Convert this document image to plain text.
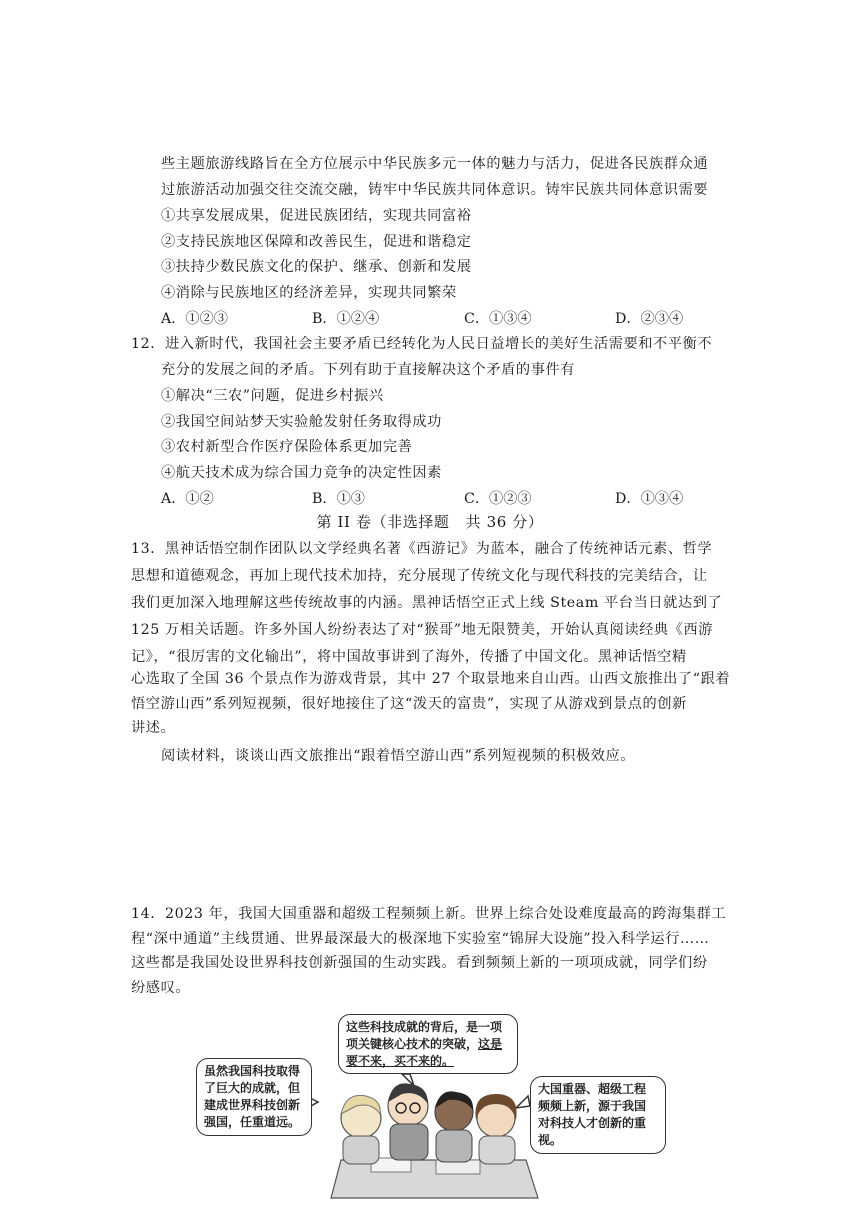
些主题旅游线路旨在全方位展示中华民族多元一体的魅力与活力，促进各民族群众通
过旅游活动加强交往交流交融，铸牢中华民族共同体意识。铸牢民族共同体意识需要
①共享发展成果，促进民族团结，实现共同富裕
②支持民族地区保障和改善民生，促进和谐稳定
③扶持少数民族文化的保护、继承、创新和发展
④消除与民族地区的经济差异，实现共同繁荣
A．①②③	B．①②④	C．①③④	D．②③④
12．进入新时代，我国社会主要矛盾已经转化为人民日益增长的美好生活需要和不平衡不
充分的发展之间的矛盾。下列有助于直接解决这个矛盾的事件有
①解决“三农”问题，促进乡村振兴
②我国空间站梦天实验舱发射任务取得成功
③农村新型合作医疗保险体系更加完善
④航天技术成为综合国力竞争的决定性因素
A．①②	B．①③	C．①②③	D．①③④
第 II 卷（非选择题   共 36 分）
13．黑神话悟空制作团队以文学经典名著《西游记》为蓝本，融合了传统神话元素、哲学
思想和道德观念，再加上现代技术加持，充分展现了传统文化与现代科技的完美结合，让
我们更加深入地理解这些传统故事的内涵。黑神话悟空正式上线 Steam 平台当日就达到了
125 万相关话题。许多外国人纷纷表达了对“猴哥”地无限赞美，开始认真阅读经典《西游
记》，“很厉害的文化输出”，将中国故事讲到了海外，传播了中国文化。黑神话悟空精
心选取了全国 36 个景点作为游戏背景，其中 27 个取景地来自山西。山西文旅推出了“跟着
悟空游山西”系列短视频，很好地接住了这“泼天的富贵”，实现了从游戏到景点的创新
讲述。
阅读材料，谈谈山西文旅推出“跟着悟空游山西”系列短视频的积极效应。
14．2023 年，我国大国重器和超级工程频频上新。世界上综合处设难度最高的跨海集群工
程“深中通道”主线贯通、世界最深最大的极深地下实验室“锦屏大设施”投入科学运行……
这些都是我国处设世界科技创新强国的生动实践。看到频频上新的一项项成就，同学们纷
纷感叹。
这些科技成就的背后，是一项
项关键核心技术的突破，这是
要不来，买不来的。
虽然我国科技取得
了巨大的成就，但
建成世界科技创新
强国，任重道远。
大国重器、超级工程
频频上新，源于我国
对科技人才创新的重
视。
